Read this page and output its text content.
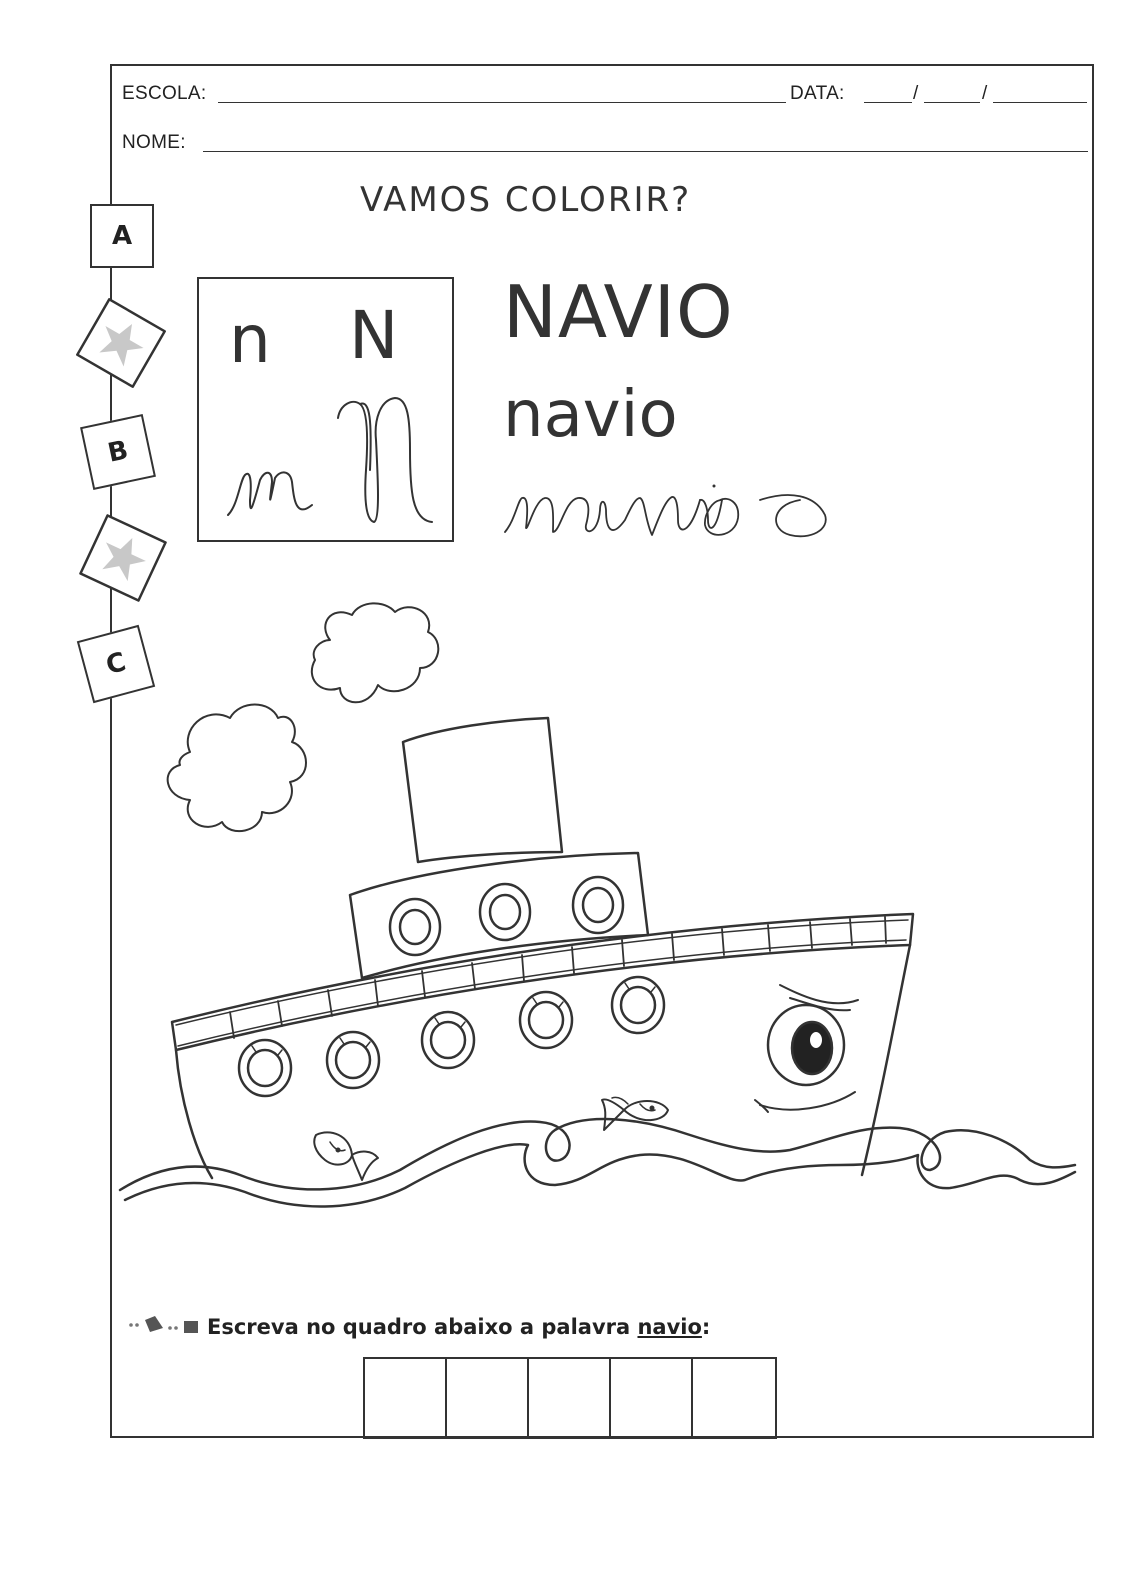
ESCOLA:	DATA:	/	/
NOME:
VAMOS COLORIR?
A
B
C
n N NAVIO
navio
Escreva no quadro abaixo a palavra navio:
